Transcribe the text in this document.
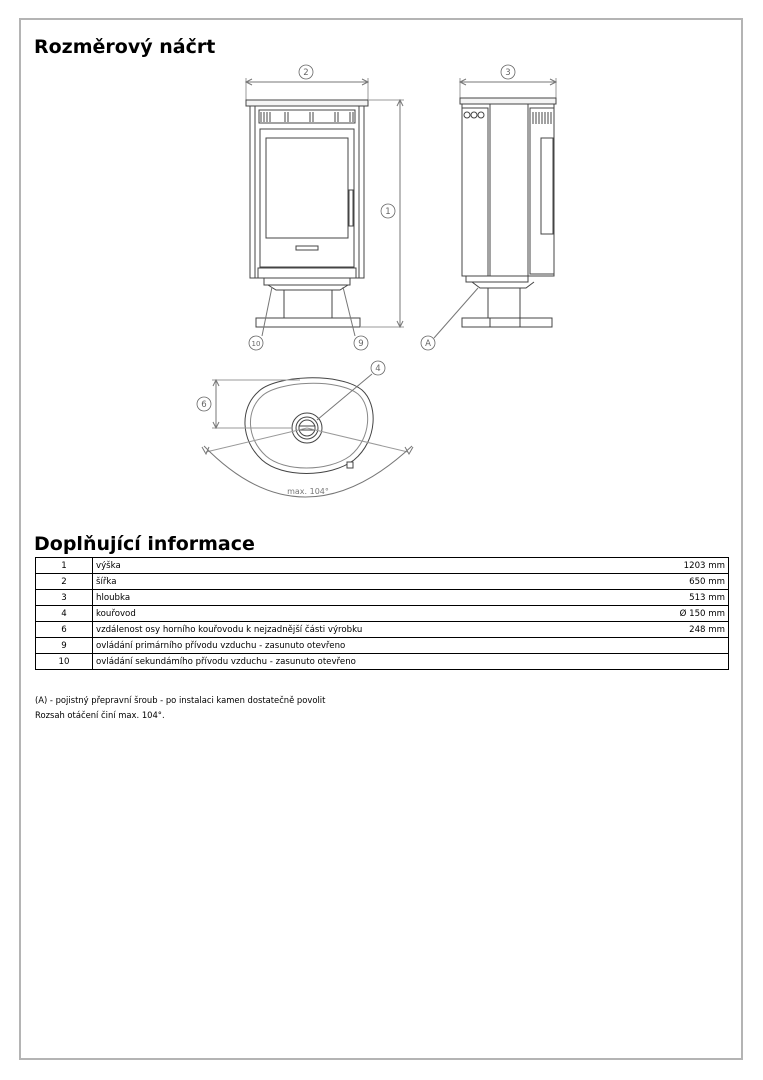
Rozměrový náčrt
2
1
3
4
6
9
10	A
max. 104°
Doplňující informace
1	výška	1203 mm
2	šířka	650 mm
3	hloubka	513 mm
4	kouřovod	Ø 150 mm
6	vzdálenost osy horního kouřovodu k nejzadnější části výrobku	248 mm
9	ovládání primárního přívodu vzduchu - zasunuto otevřeno	
10	ovládání sekundámího přívodu vzduchu - zasunuto otevřeno	
(A) - pojistný přepravní šroub - po instalaci kamen dostatečně povolit
Rozsah otáčení činí max. 104°.
